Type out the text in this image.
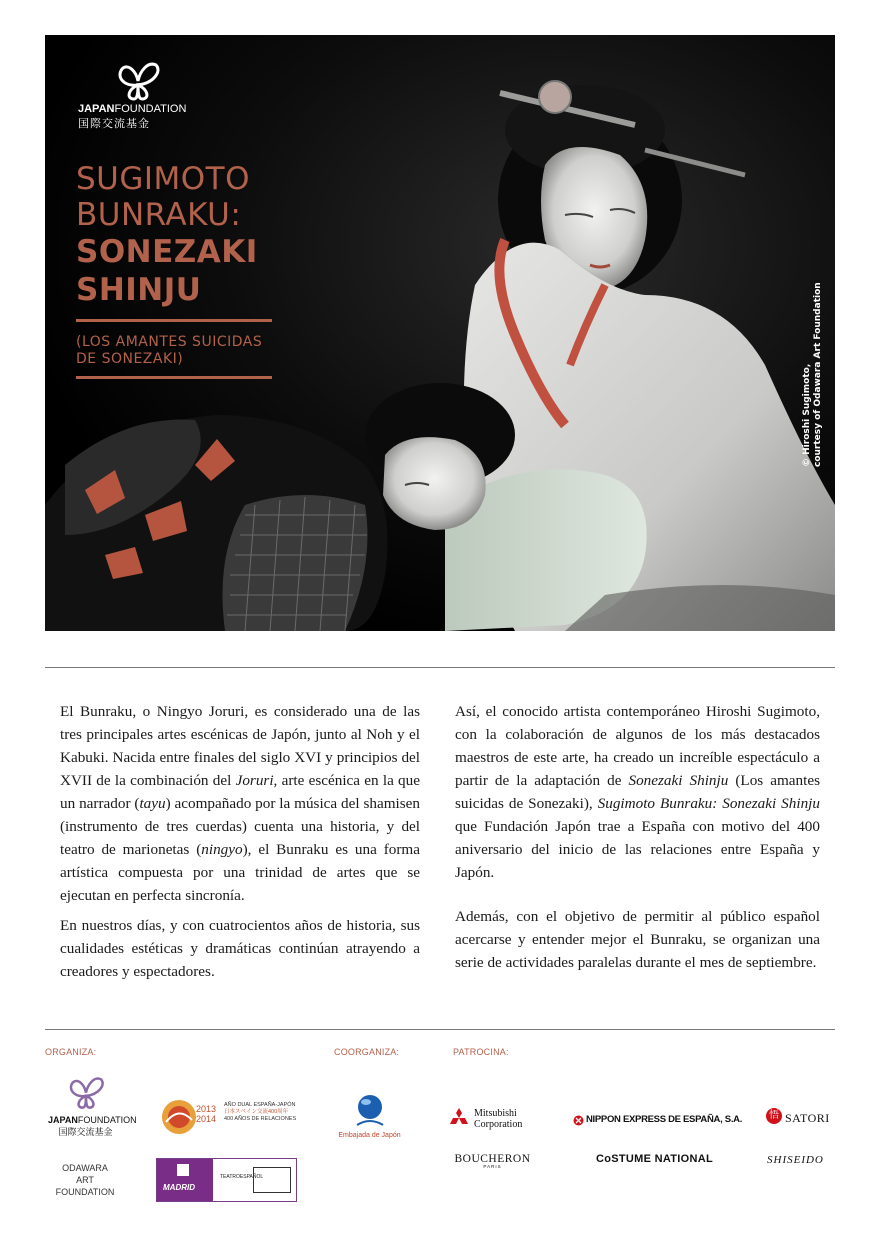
JAPANFOUNDATION
国際交流基金
SUGIMOTO
BUNRAKU:
SONEZAKI
SHINJU
(LOS AMANTES SUICIDAS
DE SONEZAKI)
© Hiroshi Sugimoto, courtesy of Odawara Art Foundation

El Bunraku, o Ningyo Joruri, es considerado una de las tres principales artes escénicas de Japón, junto al Noh y el Kabuki. Nacida entre finales del siglo XVI y principios del XVII de la combinación del Joruri, arte escénica en la que un narrador (tayu) acompañado por la música del shamisen (instrumento de tres cuerdas) cuenta una historia, y del teatro de marionetas (ningyo), el Bunraku es una forma artística compuesta por una trinidad de artes que se ejecutan en perfecta sincronía.

En nuestros días, y con cuatrocientos años de historia, sus cualidades estéticas y dramáticas continúan atrayendo a creadores y espectadores.

Así, el conocido artista contemporáneo Hiroshi Sugimoto, con la colaboración de algunos de los más destacados maestros de este arte, ha creado un increíble espectáculo a partir de la adaptación de Sonezaki Shinju (Los amantes suicidas de Sonezaki), Sugimoto Bunraku: Sonezaki Shinju que Fundación Japón trae a España con motivo del 400 aniversario del inicio de las relaciones entre España y Japón.

Además, con el objetivo de permitir al público español acercarse y entender mejor el Bunraku, se organizan una serie de actividades paralelas durante el mes de septiembre.

ORGANIZA:	COORGANIZA:	PATROCINA:
JAPANFOUNDATION
国際交流基金
ODAWARA
ART
FOUNDATION
2013
2014
AÑO DUAL ESPAÑA-JAPÓN
日本スペイン交流400周年
400 AÑOS DE RELACIONES
MADRID
TEATROESPAÑOL
Embajada de Japón
Mitsubishi
Corporation	NIPPON EXPRESS DE ESPAÑA, S.A.	悟 SATORI
BOUCHERON
PARIS
CoSTUME NATIONAL	SHISEIDO
